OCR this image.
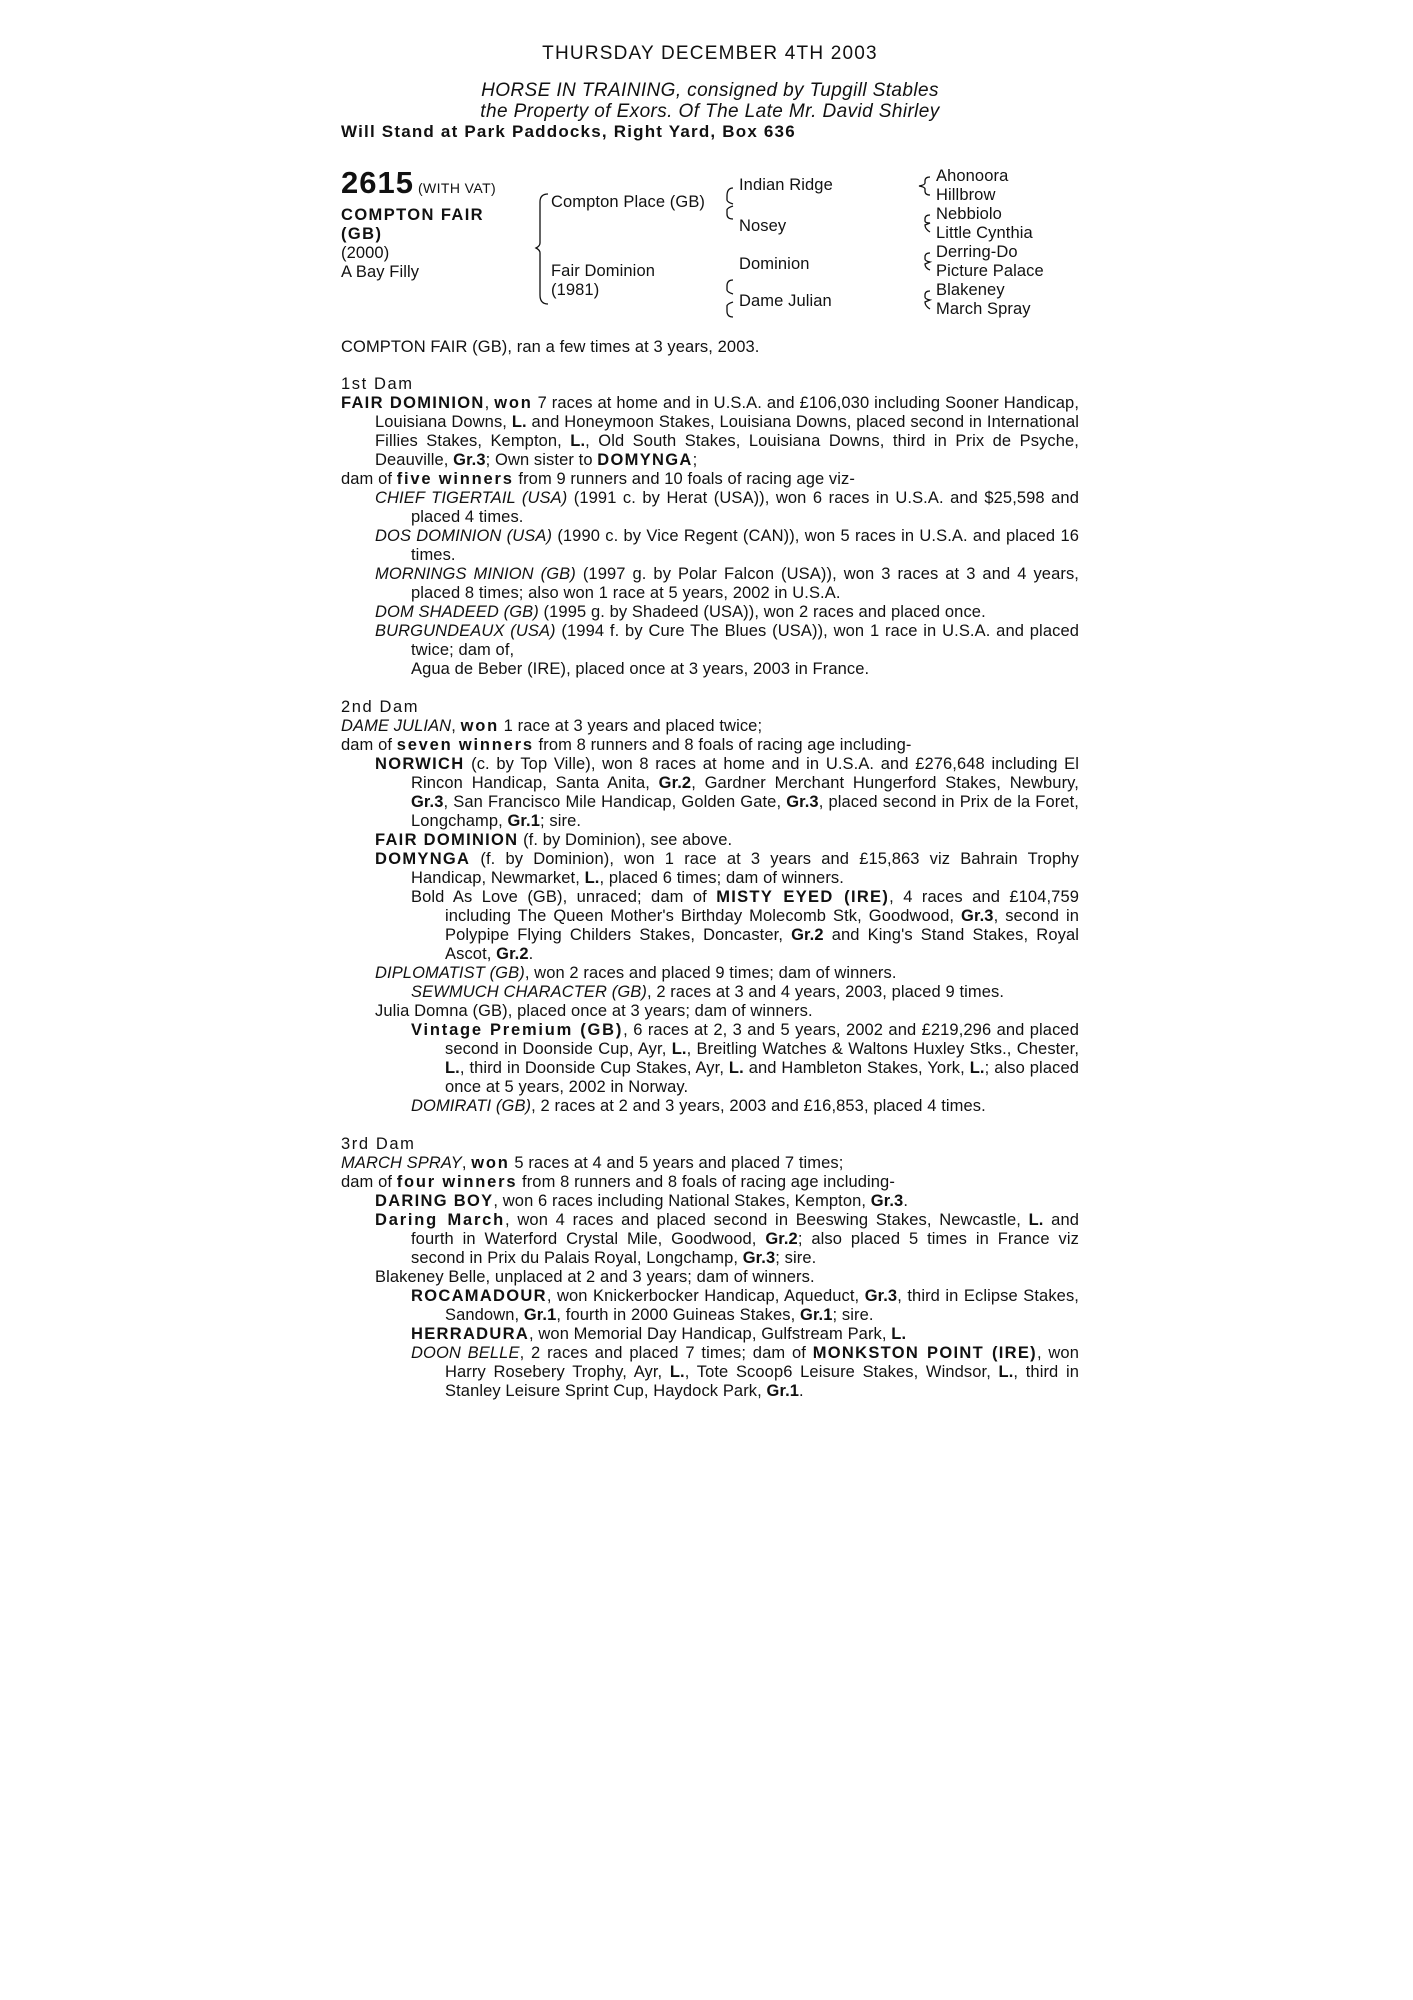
THURSDAY DECEMBER 4TH 2003
HORSE IN TRAINING, consigned by Tupgill Stables
the Property of Exors. Of The Late Mr. David Shirley
Will Stand at Park Paddocks, Right Yard, Box 636
2615 (WITH VAT)
COMPTON FAIR (GB)
(2000)
A Bay Filly
Compton Place (GB)
Fair Dominion
(1981)
Indian Ridge
Nosey
Dominion
Dame Julian
Ahonoora
Hillbrow
Nebbiolo
Little Cynthia
Derring-Do
Picture Palace
Blakeney
March Spray

COMPTON FAIR (GB), ran a few times at 3 years, 2003.

1st Dam

FAIR DOMINION, won 7 races at home and in U.S.A. and £106,030 including Sooner Handicap, Louisiana Downs, L. and Honeymoon Stakes, Louisiana Downs, placed second in International Fillies Stakes, Kempton, L., Old South Stakes, Louisiana Downs, third in Prix de Psyche, Deauville, Gr.3; Own sister to DOMYNGA;

dam of five winners from 9 runners and 10 foals of racing age viz-

CHIEF TIGERTAIL (USA) (1991 c. by Herat (USA)), won 6 races in U.S.A. and $25,598 and placed 4 times.

DOS DOMINION (USA) (1990 c. by Vice Regent (CAN)), won 5 races in U.S.A. and placed 16 times.

MORNINGS MINION (GB) (1997 g. by Polar Falcon (USA)), won 3 races at 3 and 4 years, placed 8 times; also won 1 race at 5 years, 2002 in U.S.A.

DOM SHADEED (GB) (1995 g. by Shadeed (USA)), won 2 races and placed once.

BURGUNDEAUX (USA) (1994 f. by Cure The Blues (USA)), won 1 race in U.S.A. and placed twice; dam of,

Agua de Beber (IRE), placed once at 3 years, 2003 in France.

2nd Dam

DAME JULIAN, won 1 race at 3 years and placed twice;

dam of seven winners from 8 runners and 8 foals of racing age including-

NORWICH (c. by Top Ville), won 8 races at home and in U.S.A. and £276,648 including El Rincon Handicap, Santa Anita, Gr.2, Gardner Merchant Hungerford Stakes, Newbury, Gr.3, San Francisco Mile Handicap, Golden Gate, Gr.3, placed second in Prix de la Foret, Longchamp, Gr.1; sire.

FAIR DOMINION (f. by Dominion), see above.

DOMYNGA (f. by Dominion), won 1 race at 3 years and £15,863 viz Bahrain Trophy Handicap, Newmarket, L., placed 6 times; dam of winners.

Bold As Love (GB), unraced; dam of MISTY EYED (IRE), 4 races and £104,759 including The Queen Mother's Birthday Molecomb Stk, Goodwood, Gr.3, second in Polypipe Flying Childers Stakes, Doncaster, Gr.2 and King's Stand Stakes, Royal Ascot, Gr.2.

DIPLOMATIST (GB), won 2 races and placed 9 times; dam of winners.

SEWMUCH CHARACTER (GB), 2 races at 3 and 4 years, 2003, placed 9 times.

Julia Domna (GB), placed once at 3 years; dam of winners.

Vintage Premium (GB), 6 races at 2, 3 and 5 years, 2002 and £219,296 and placed second in Doonside Cup, Ayr, L., Breitling Watches & Waltons Huxley Stks., Chester, L., third in Doonside Cup Stakes, Ayr, L. and Hambleton Stakes, York, L.; also placed once at 5 years, 2002 in Norway.

DOMIRATI (GB), 2 races at 2 and 3 years, 2003 and £16,853, placed 4 times.

3rd Dam

MARCH SPRAY, won 5 races at 4 and 5 years and placed 7 times;

dam of four winners from 8 runners and 8 foals of racing age including-

DARING BOY, won 6 races including National Stakes, Kempton, Gr.3.

Daring March, won 4 races and placed second in Beeswing Stakes, Newcastle, L. and fourth in Waterford Crystal Mile, Goodwood, Gr.2; also placed 5 times in France viz second in Prix du Palais Royal, Longchamp, Gr.3; sire.

Blakeney Belle, unplaced at 2 and 3 years; dam of winners.

ROCAMADOUR, won Knickerbocker Handicap, Aqueduct, Gr.3, third in Eclipse Stakes, Sandown, Gr.1, fourth in 2000 Guineas Stakes, Gr.1; sire.

HERRADURA, won Memorial Day Handicap, Gulfstream Park, L.

DOON BELLE, 2 races and placed 7 times; dam of MONKSTON POINT (IRE), won Harry Rosebery Trophy, Ayr, L., Tote Scoop6 Leisure Stakes, Windsor, L., third in Stanley Leisure Sprint Cup, Haydock Park, Gr.1.
